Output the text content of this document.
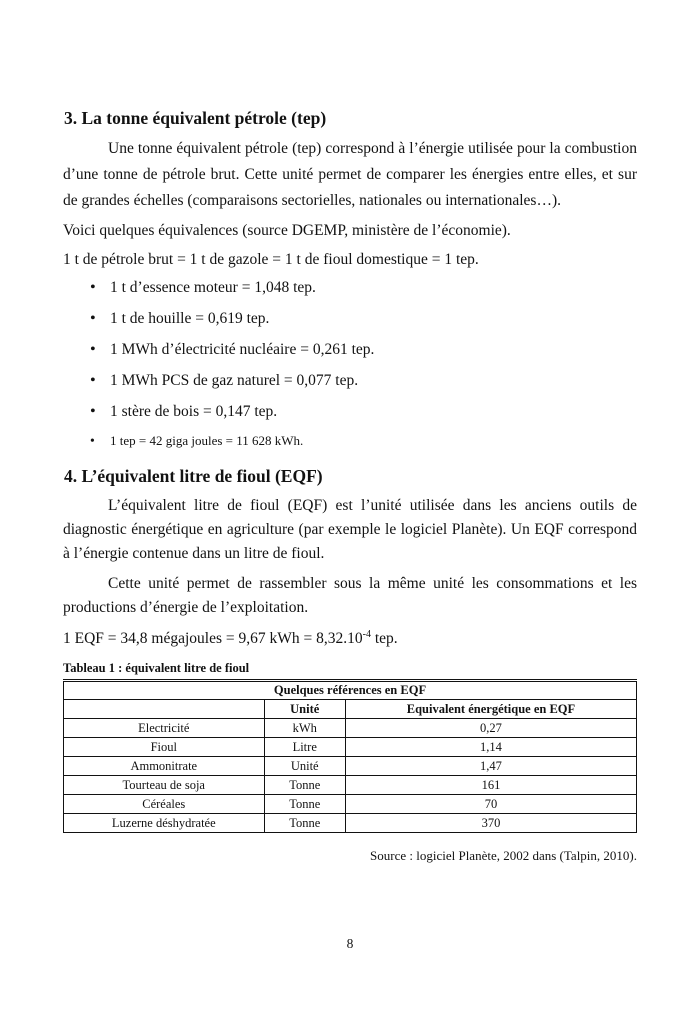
3. La tonne équivalent pétrole (tep)

Une tonne équivalent pétrole (tep) correspond à l’énergie utilisée pour la combustion d’une tonne de pétrole brut. Cette unité permet de comparer les énergies entre elles, et sur de grandes échelles (comparaisons sectorielles, nationales ou internationales…).

Voici quelques équivalences (source DGEMP, ministère de l’économie).

1 t de pétrole brut = 1 t de gazole = 1 t de fioul domestique = 1 tep.

• 1 t d’essence moteur = 1,048 tep.
• 1 t de houille = 0,619 tep.
• 1 MWh d’électricité nucléaire = 0,261 tep.
• 1 MWh PCS de gaz naturel = 0,077 tep.
• 1 stère de bois = 0,147 tep.
• 1 tep = 42 giga joules = 11 628 kWh.
4. L’équivalent litre de fioul (EQF)

L’équivalent litre de fioul (EQF) est l’unité utilisée dans les anciens outils de diagnostic énergétique en agriculture (par exemple le logiciel Planète). Un EQF correspond à l’énergie contenue dans un litre de fioul.

Cette unité permet de rassembler sous la même unité les consommations et les productions d’énergie de l’exploitation.

1 EQF = 34,8 mégajoules = 9,67 kWh = $8,32.10^{-4}$ tep.

Tableau 1 : équivalent litre de fioul

Quelques références en EQF		
	Unité	Equivalent énergétique en EQF
Electricité	kWh	0,27
Fioul	Litre	1,14
Ammonitrate	Unité	1,47
Tourteau de soja	Tonne	161
Céréales	Tonne	70
Luzerne déshydratée	Tonne	370

Source : logiciel Planète, 2002 dans (Talpin, 2010).

8
